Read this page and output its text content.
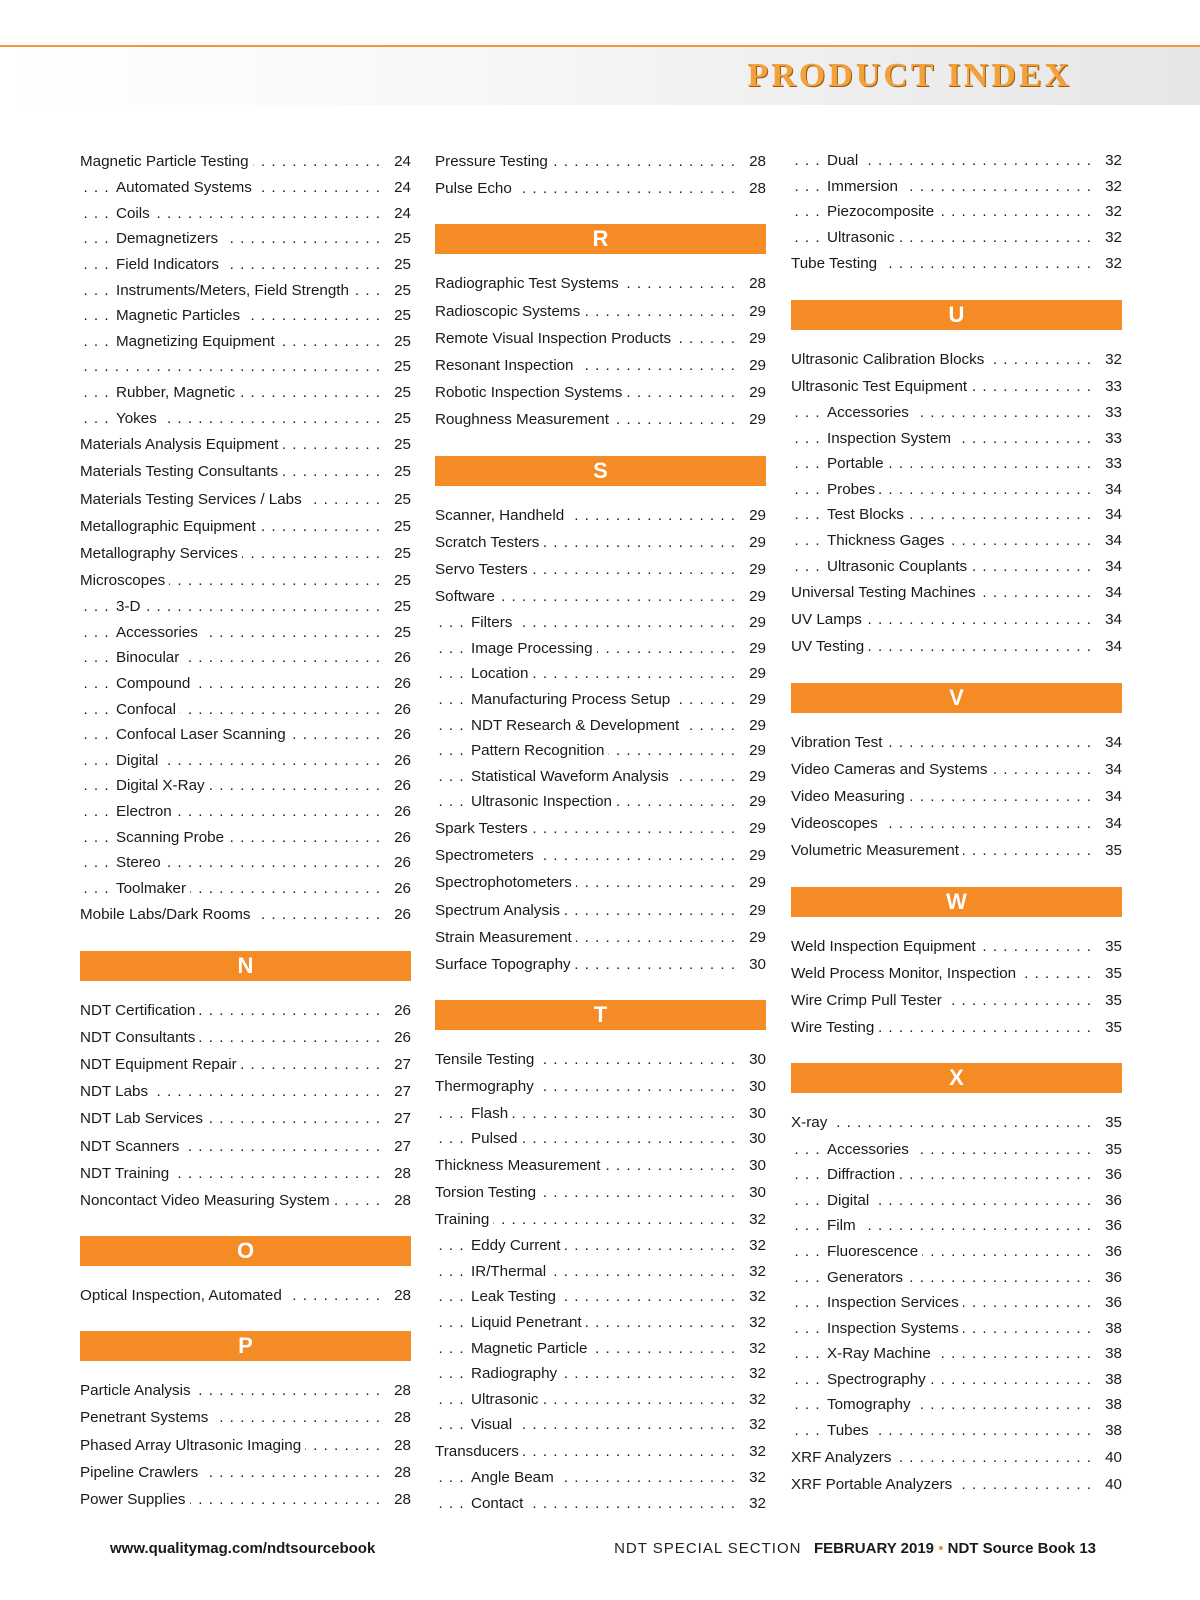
PRODUCT INDEX
. . .
Magnetic Particle Testing	24
. . .
Automated Systems	24
. . .
Coils	24
. . .
Demagnetizers	25
. . .
Field Indicators	25
. . .
Instruments/Meters, Field Strength	25
. . .
Magnetic Particles	25
. . .
Magnetizing Equipment	25
. . .
25
. . .
Rubber, Magnetic	25
. . .
Yokes	25
. . .
Materials Analysis Equipment	25
. . .
Materials Testing Consultants	25
. . .
Materials Testing Services / Labs	25
. . .
Metallographic Equipment	25
. . .
Metallography Services	25
. . .
Microscopes	25
. . .
3-D	25
. . .
Accessories	25
. . .
Binocular	26
. . .
Compound	26
. . .
Confocal	26
. . .
Confocal Laser Scanning	26
. . .
Digital	26
. . .
Digital X-Ray	26
. . .
Electron	26
. . .
Scanning Probe	26
. . .
Stereo	26
. . .
Toolmaker	26
. . .
Mobile Labs/Dark Rooms	26
N
. . .
NDT Certification	26
. . .
NDT Consultants	26
. . .
NDT Equipment Repair	27
. . .
NDT Labs	27
. . .
NDT Lab Services	27
. . .
NDT Scanners	27
. . .
NDT Training	28
. . .
Noncontact Video Measuring System	28
O
. . .
Optical Inspection, Automated	28
P
. . .
Particle Analysis	28
. . .
Penetrant Systems	28
. . .
Phased Array Ultrasonic Imaging	28
. . .
Pipeline Crawlers	28
. . .
Power Supplies	28
. . .
Pressure Testing	28
. . .
Pulse Echo	28
R
. . .
Radiographic Test Systems	28
. . .
Radioscopic Systems	29
. . .
Remote Visual Inspection Products	29
. . .
Resonant Inspection	29
. . .
Robotic Inspection Systems	29
. . .
Roughness Measurement	29
S
. . .
Scanner, Handheld	29
. . .
Scratch Testers	29
. . .
Servo Testers	29
. . .
Software	29
. . .
Filters	29
. . .
Image Processing	29
. . .
Location	29
. . .
Manufacturing Process Setup	29
. . .
NDT Research & Development	29
. . .
Pattern Recognition	29
. . .
Statistical Waveform Analysis	29
. . .
Ultrasonic Inspection	29
. . .
Spark Testers	29
. . .
Spectrometers	29
. . .
Spectrophotometers	29
. . .
Spectrum Analysis	29
. . .
Strain Measurement	29
. . .
Surface Topography	30
T
. . .
Tensile Testing	30
. . .
Thermography	30
. . .
Flash	30
. . .
Pulsed	30
. . .
Thickness Measurement	30
. . .
Torsion Testing	30
. . .
Training	32
. . .
Eddy Current	32
. . .
IR/Thermal	32
. . .
Leak Testing	32
. . .
Liquid Penetrant	32
. . .
Magnetic Particle	32
. . .
Radiography	32
. . .
Ultrasonic	32
. . .
Visual	32
. . .
Transducers	32
. . .
Angle Beam	32
. . .
Contact	32
. . .
Dual	32
. . .
Immersion	32
. . .
Piezocomposite	32
. . .
Ultrasonic	32
. . .
Tube Testing	32
U
. . .
Ultrasonic Calibration Blocks	32
. . .
Ultrasonic Test Equipment	33
. . .
Accessories	33
. . .
Inspection System	33
. . .
Portable	33
. . .
Probes	34
. . .
Test Blocks	34
. . .
Thickness Gages	34
. . .
Ultrasonic Couplants	34
. . .
Universal Testing Machines	34
. . .
UV Lamps	34
. . .
UV Testing	34
V
. . .
Vibration Test	34
. . .
Video Cameras and Systems	34
. . .
Video Measuring	34
. . .
Videoscopes	34
. . .
Volumetric Measurement	35
W
. . .
Weld Inspection Equipment	35
. . .
Weld Process Monitor, Inspection	35
. . .
Wire Crimp Pull Tester	35
. . .
Wire Testing	35
X
. . .
X-ray	35
. . .
Accessories	35
. . .
Diffraction	36
. . .
Digital	36
. . .
Film	36
. . .
Fluorescence	36
. . .
Generators	36
. . .
Inspection Services	36
. . .
Inspection Systems	38
. . .
X-Ray Machine	38
. . .
Spectrography	38
. . .
Tomography	38
. . .
Tubes	38
. . .
XRF Analyzers	40
. . .
XRF Portable Analyzers	40
www.qualitymag.com/ndtsourcebook	NDT SPECIAL SECTION FEBRUARY 2019 • NDT Source Book 13
